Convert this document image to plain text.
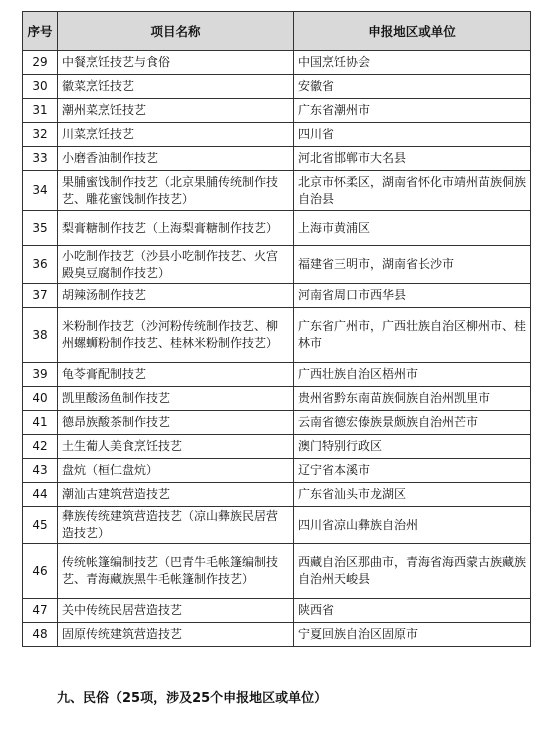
序号	项目名称	申报地区或单位
29	中餐烹饪技艺与食俗	中国烹饪协会
30	徽菜烹饪技艺	安徽省
31	潮州菜烹饪技艺	广东省潮州市
32	川菜烹饪技艺	四川省
33	小磨香油制作技艺	河北省邯郸市大名县
34	果脯蜜饯制作技艺（北京果脯传统制作技艺、雕花蜜饯制作技艺）	北京市怀柔区，湖南省怀化市靖州苗族侗族自治县
35	梨膏糖制作技艺（上海梨膏糖制作技艺）	上海市黄浦区
36	小吃制作技艺（沙县小吃制作技艺、火宫殿臭豆腐制作技艺）	福建省三明市，湖南省长沙市
37	胡辣汤制作技艺	河南省周口市西华县
38	米粉制作技艺（沙河粉传统制作技艺、柳州螺蛳粉制作技艺、桂林米粉制作技艺）	广东省广州市，广西壮族自治区柳州市、桂林市
39	龟苓膏配制技艺	广西壮族自治区梧州市
40	凯里酸汤鱼制作技艺	贵州省黔东南苗族侗族自治州凯里市
41	德昂族酸茶制作技艺	云南省德宏傣族景颇族自治州芒市
42	土生葡人美食烹饪技艺	澳门特别行政区
43	盘炕（桓仁盘炕）	辽宁省本溪市
44	潮汕古建筑营造技艺	广东省汕头市龙湖区
45	彝族传统建筑营造技艺（凉山彝族民居营造技艺）	四川省凉山彝族自治州
46	传统帐篷编制技艺（巴青牛毛帐篷编制技艺、青海藏族黑牛毛帐篷制作技艺）	西藏自治区那曲市，青海省海西蒙古族藏族自治州天峻县
47	关中传统民居营造技艺	陕西省
48	固原传统建筑营造技艺	宁夏回族自治区固原市
九、民俗（25项，涉及25个申报地区或单位）
